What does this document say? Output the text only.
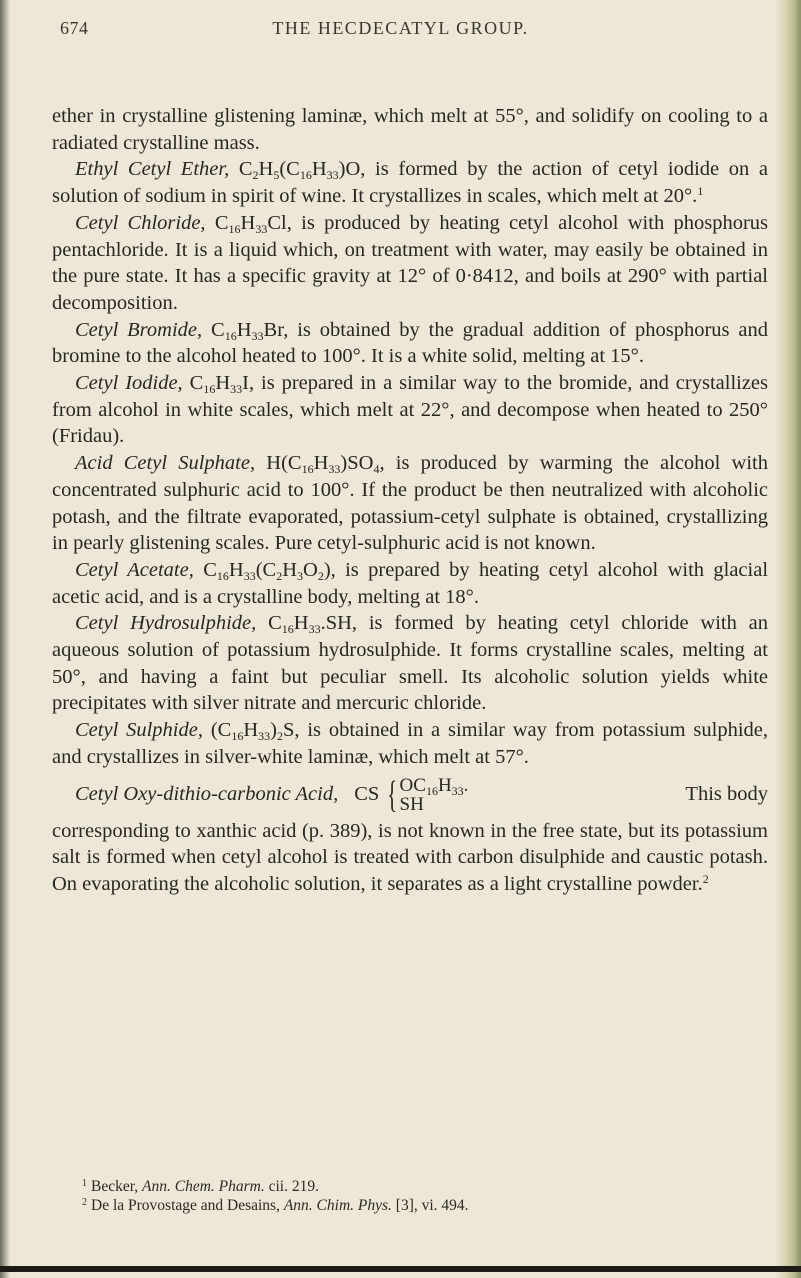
674	THE HECDECATYL GROUP.

ether in crystalline glistening laminæ, which melt at 55°, and solidify on cooling to a radiated crystalline mass.

Ethyl Cetyl Ether, $C_2H_5(C_{16}H_{33})O$, is formed by the action of cetyl iodide on a solution of sodium in spirit of wine. It crystallizes in scales, which melt at 20°.$^1$

Cetyl Chloride, $C_{16}H_{33}Cl$, is produced by heating cetyl alcohol with phosphorus pentachloride. It is a liquid which, on treatment with water, may easily be obtained in the pure state. It has a specific gravity at 12° of 0·8412, and boils at 290° with partial decomposition.

Cetyl Bromide, $C_{16}H_{33}Br$, is obtained by the gradual addition of phosphorus and bromine to the alcohol heated to 100°. It is a white solid, melting at 15°.

Cetyl Iodide, $C_{16}H_{33}I$, is prepared in a similar way to the bromide, and crystallizes from alcohol in white scales, which melt at 22°, and decompose when heated to 250° (Fridau).

Acid Cetyl Sulphate, $H(C_{16}H_{33})SO_4$, is produced by warming the alcohol with concentrated sulphuric acid to 100°. If the product be then neutralized with alcoholic potash, and the filtrate evaporated, potassium-cetyl sulphate is obtained, crystallizing in pearly glistening scales. Pure cetyl-sulphuric acid is not known.

Cetyl Acetate, $C_{16}H_{33}(C_2H_3O_2)$, is prepared by heating cetyl alcohol with glacial acetic acid, and is a crystalline body, melting at 18°.

Cetyl Hydrosulphide, $C_{16}H_{33}.SH$, is formed by heating cetyl chloride with an aqueous solution of potassium hydrosulphide. It forms crystalline scales, melting at 50°, and having a faint but peculiar smell. Its alcoholic solution yields white precipitates with silver nitrate and mercuric chloride.

Cetyl Sulphide, $(C_{16}H_{33})_2S$, is obtained in a similar way from potassium sulphide, and crystallizes in silver-white laminæ, which melt at 57°.

Cetyl Oxy-dithio-carbonic Acid, CS { $OC_{16}H_{33}$.
SH	This body

corresponding to xanthic acid (p. 389), is not known in the free state, but its potassium salt is formed when cetyl alcohol is treated with carbon disulphide and caustic potash. On evaporating the alcoholic solution, it separates as a light crystalline powder.$^2$

$^1$ Becker, Ann. Chem. Pharm. cii. 219.

$^2$ De la Provostage and Desains, Ann. Chim. Phys. [3], vi. 494.
